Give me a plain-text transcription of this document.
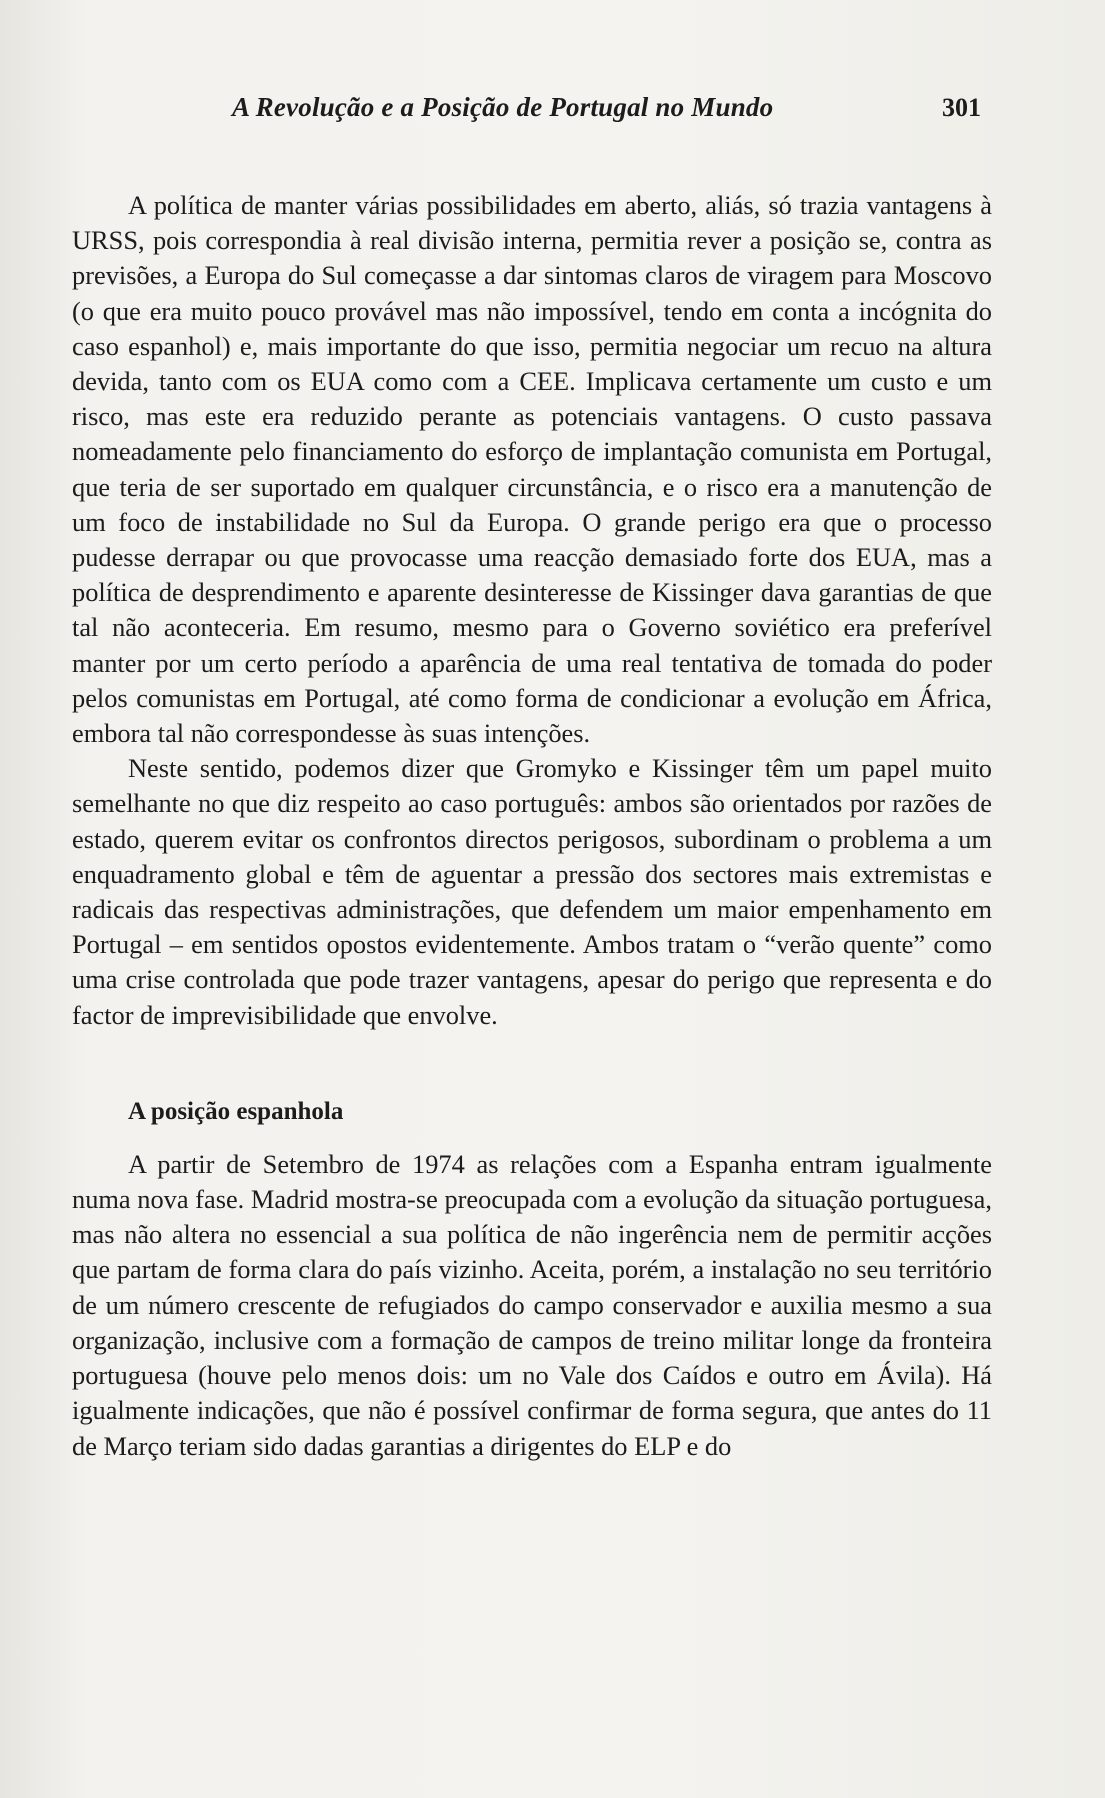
A Revolução e a Posição de Portugal no Mundo	301

A política de manter várias possibilidades em aberto, aliás, só trazia vantagens à URSS, pois correspondia à real divisão interna, permitia rever a posição se, contra as previsões, a Europa do Sul começasse a dar sintomas claros de viragem para Moscovo (o que era muito pouco provável mas não impossível, tendo em conta a incógnita do caso espanhol) e, mais importante do que isso, permitia negociar um recuo na altura devida, tanto com os EUA como com a CEE. Implicava certamente um custo e um risco, mas este era reduzido perante as potenciais vantagens. O custo passava nomeadamente pelo financiamento do esforço de implantação comunista em Portugal, que teria de ser suportado em qualquer circunstância, e o risco era a manutenção de um foco de instabilidade no Sul da Europa. O grande perigo era que o processo pudesse derrapar ou que provocasse uma reacção demasiado forte dos EUA, mas a política de desprendimento e aparente desinteresse de Kissinger dava garantias de que tal não aconteceria. Em resumo, mesmo para o Governo soviético era preferível manter por um certo período a aparência de uma real tentativa de tomada do poder pelos comunistas em Portugal, até como forma de condicionar a evolução em África, embora tal não correspondesse às suas intenções.

Neste sentido, podemos dizer que Gromyko e Kissinger têm um papel muito semelhante no que diz respeito ao caso português: ambos são orientados por razões de estado, querem evitar os confrontos directos perigosos, subordinam o problema a um enquadramento global e têm de aguentar a pressão dos sectores mais extremistas e radicais das respectivas administrações, que defendem um maior empenhamento em Portugal – em sentidos opostos evidentemente. Ambos tratam o “verão quente” como uma crise controlada que pode trazer vantagens, apesar do perigo que representa e do factor de imprevisibilidade que envolve.

A posição espanhola

A partir de Setembro de 1974 as relações com a Espanha entram igualmente numa nova fase. Madrid mostra-se preocupada com a evolução da situação portuguesa, mas não altera no essencial a sua política de não ingerência nem de permitir acções que partam de forma clara do país vizinho. Aceita, porém, a instalação no seu território de um número crescente de refugiados do campo conservador e auxilia mesmo a sua organização, inclusive com a formação de campos de treino militar longe da fronteira portuguesa (houve pelo menos dois: um no Vale dos Caídos e outro em Ávila). Há igualmente indicações, que não é possível confirmar de forma segura, que antes do 11 de Março teriam sido dadas garantias a dirigentes do ELP e do
